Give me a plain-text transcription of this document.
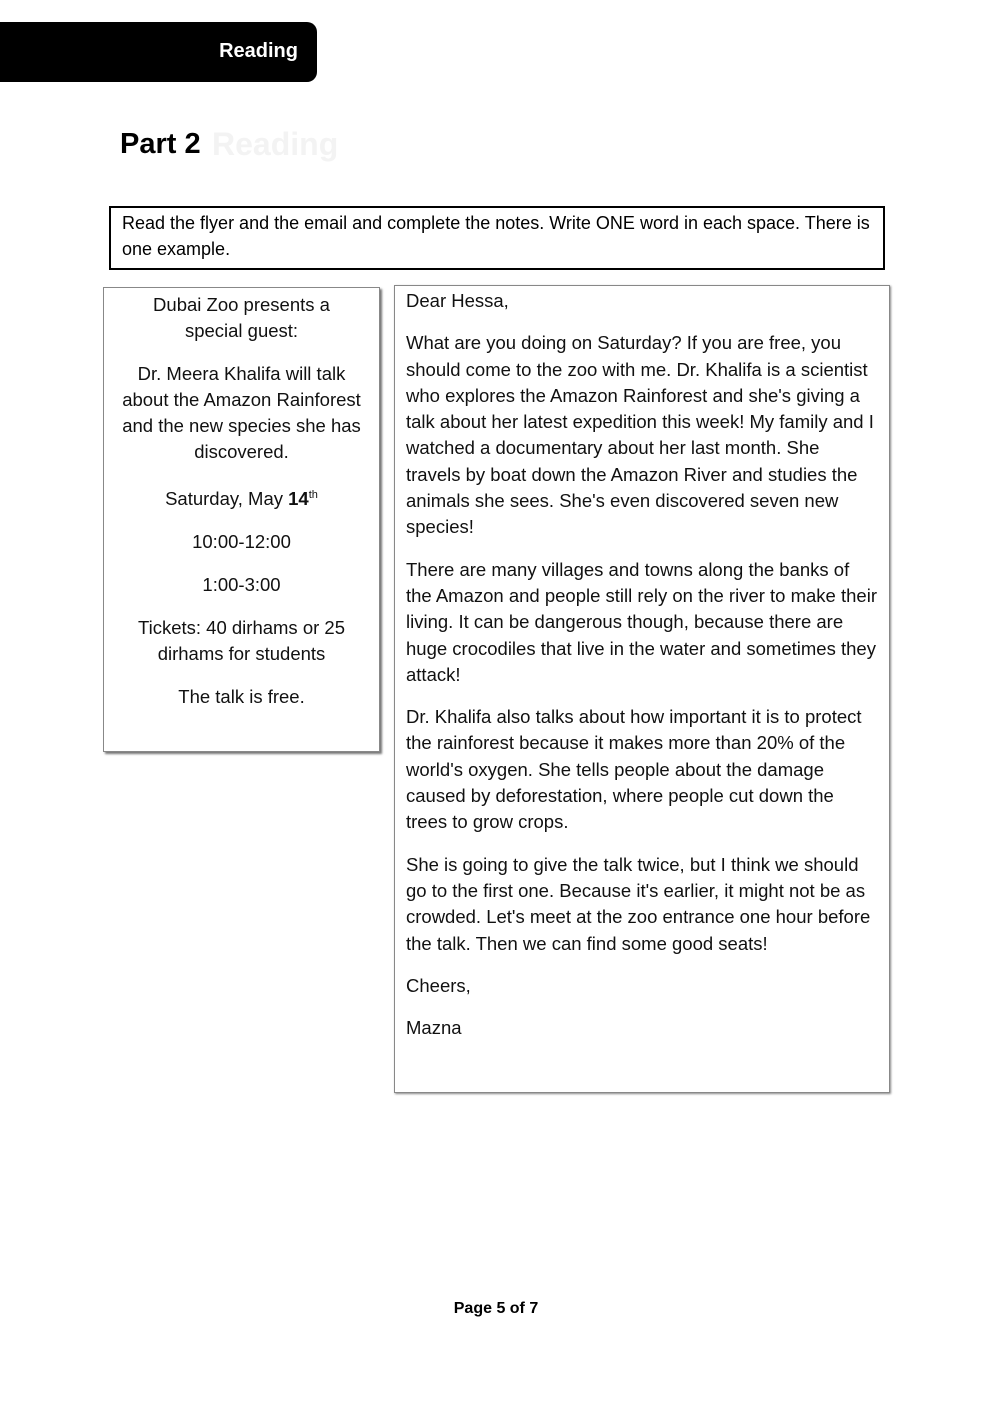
Reading
Part 2 Reading
Read the flyer and the email and complete the notes. Write ONE word in each space. There is one example.

Dubai Zoo presents a special guest:

Dr. Meera Khalifa will talk about the Amazon Rainforest and the new species she has discovered.

Saturday, May 14th

10:00-12:00

1:00-3:00

Tickets: 40 dirhams or 25 dirhams for students

The talk is free.

Dear Hessa,

What are you doing on Saturday? If you are free, you should come to the zoo with me. Dr. Khalifa is a scientist who explores the Amazon Rainforest and she's giving a talk about her latest expedition this week! My family and I watched a documentary about her last month. She travels by boat down the Amazon River and studies the animals she sees. She's even discovered seven new species!

There are many villages and towns along the banks of the Amazon and people still rely on the river to make their living. It can be dangerous though, because there are huge crocodiles that live in the water and sometimes they attack!

Dr. Khalifa also talks about how important it is to protect the rainforest because it makes more than 20% of the world's oxygen. She tells people about the damage caused by deforestation, where people cut down the trees to grow crops.

She is going to give the talk twice, but I think we should go to the first one. Because it's earlier, it might not be as crowded. Let's meet at the zoo entrance one hour before the talk. Then we can find some good seats!

Cheers,

Mazna

Page 5 of 7
